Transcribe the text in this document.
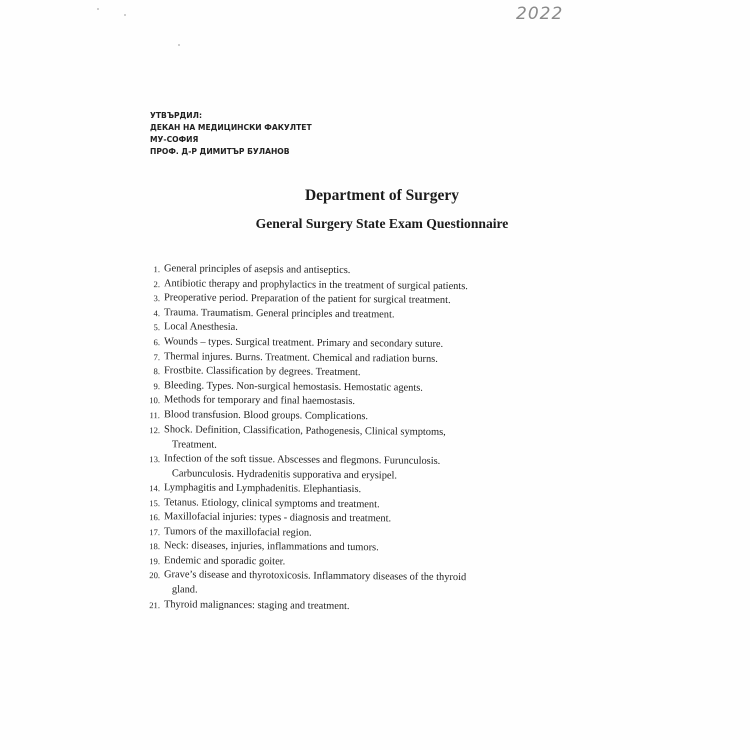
2022
УТВЪРДИЛ:
ДЕКАН НА МЕДИЦИНСКИ ФАКУЛТЕТ
МУ-СОФИЯ
ПРОФ. Д-Р ДИМИТЪР БУЛАНОВ
Department of Surgery
General Surgery State Exam Questionnaire
1. General principles of asepsis and antiseptics.
2. Antibiotic therapy and prophylactics in the treatment of surgical patients.
3. Preoperative period. Preparation of the patient for surgical treatment.
4. Trauma. Traumatism. General principles and treatment.
5. Local Anesthesia.
6. Wounds – types. Surgical treatment. Primary and secondary suture.
7. Thermal injures. Burns. Treatment. Chemical and radiation burns.
8. Frostbite. Classification by degrees. Treatment.
9. Bleeding. Types. Non-surgical hemostasis. Hemostatic agents.
10. Methods for temporary and final haemostasis.
11. Blood transfusion. Blood groups. Complications.
12. Shock. Definition, Classification, Pathogenesis, Clinical symptoms,
Treatment.
13. Infection of the soft tissue. Abscesses and flegmons. Furunculosis.
Carbunculosis. Hydradenitis supporativa and erysipel.
14. Lymphagitis and Lymphadenitis. Elephantiasis.
15. Tetanus. Etiology, clinical symptoms and treatment.
16. Maxillofacial injuries: types - diagnosis and treatment.
17. Tumors of the maxillofacial region.
18. Neck: diseases, injuries, inflammations and tumors.
19. Endemic and sporadic goiter.
20. Grave’s disease and thyrotoxicosis. Inflammatory diseases of the thyroid
gland.
21. Thyroid malignances: staging and treatment.
